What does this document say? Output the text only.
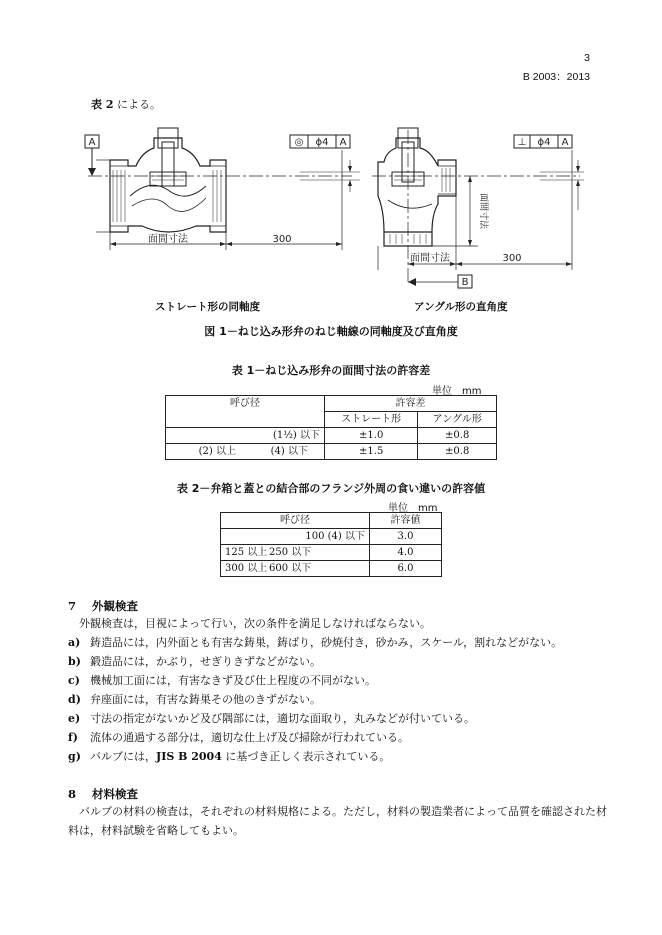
3
B 2003：2013
表 2 による。
A
面間寸法	300
◎ ϕ4 A
面間寸法	300
面間寸法
B
⊥ ϕ4 A
ストレート形の同軸度	アングル形の直角度
図 1－ねじ込み形弁のねじ軸線の同軸度及び直角度
表 1－ねじ込み形弁の面間寸法の許容差
単位　mm
呼び径	許容差	
	ストレート形	アングル形
(1½) 以下	±1.0	±0.8
(2) 以上 (4) 以下	±1.5	±0.8
表 2－弁箱と蓋との結合部のフランジ外周の食い違いの許容値
単位　mm
呼び径	許容値
100 (4) 以下	3.0
125 以上 250 以下	4.0
300 以上 600 以下	6.0
7 外観検査
外観検査は，目視によって行い，次の条件を満足しなければならない。
a) 鋳造品には，内外面とも有害な鋳巣，鋳ばり，砂焼付き，砂かみ，スケール，割れなどがない。
b) 鍛造品には，かぶり，せぎりきずなどがない。
c) 機械加工面には，有害なきず及び仕上程度の不同がない。
d) 弁座面には，有害な鋳巣その他のきずがない。
e) 寸法の指定がないかど及び隅部には，適切な面取り，丸みなどが付いている。
f) 流体の通過する部分は，適切な仕上げ及び掃除が行われている。
g) バルブには，JIS B 2004 に基づき正しく表示されている。
8 材料検査
バルブの材料の検査は，それぞれの材料規格による。ただし，材料の製造業者によって品質を確認された材料は，材料試験を省略してもよい。
